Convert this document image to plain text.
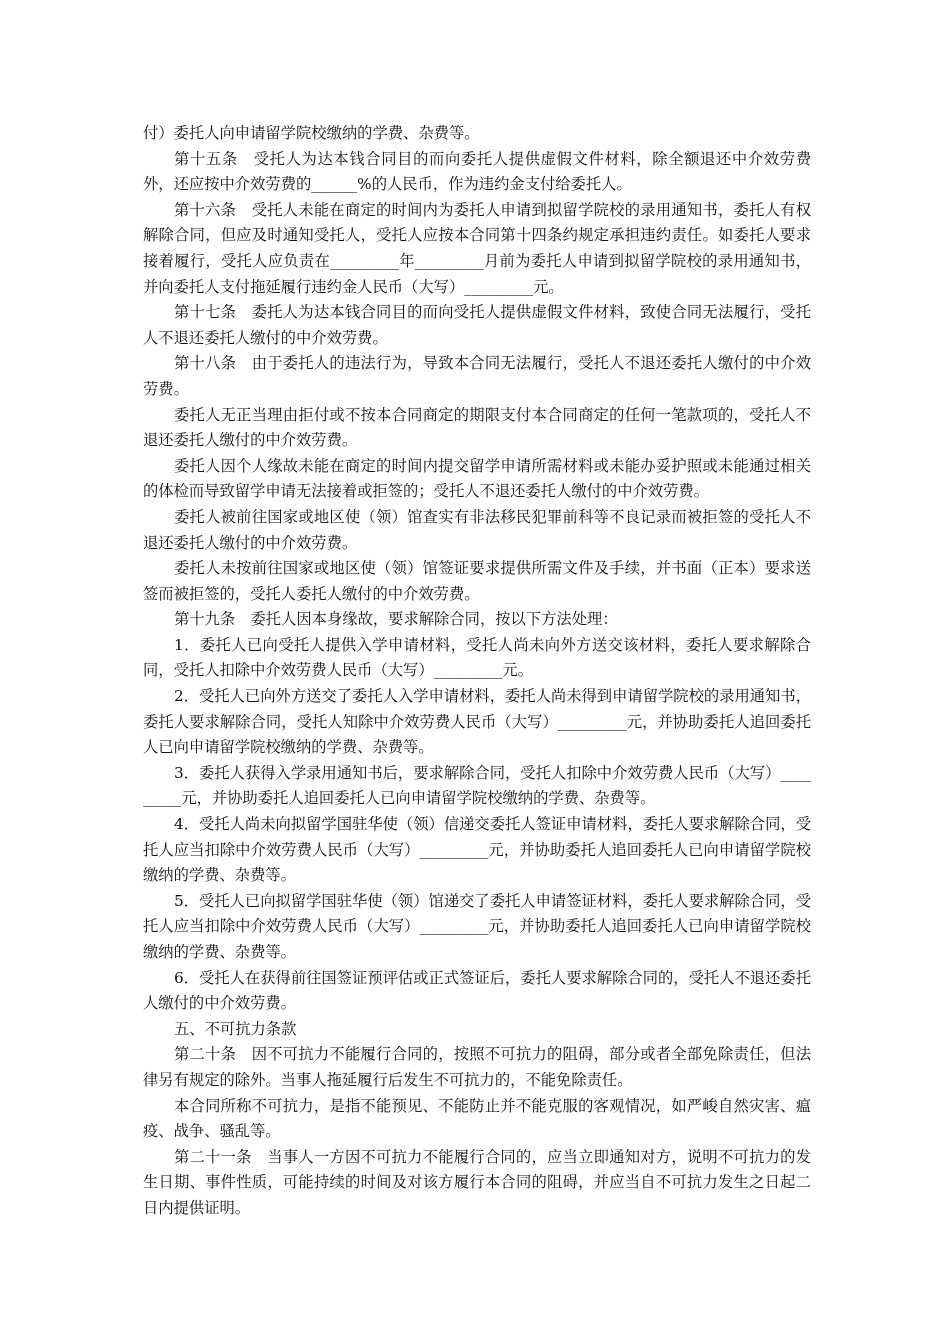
付）委托人向申请留学院校缴纳的学费、杂费等。

第十五条　受托人为达本钱合同目的而向委托人提供虚假文件材料，除全额退还中介效劳费外，还应按中介效劳费的______%的人民币，作为违约金支付给委托人。

第十六条　受托人未能在商定的时间内为委托人申请到拟留学院校的录用通知书，委托人有权解除合同，但应及时通知受托人，受托人应按本合同第十四条约规定承担违约责任。如委托人要求接着履行，受托人应负责在_________年_________月前为委托人申请到拟留学院校的录用通知书，并向委托人支付拖延履行违约金人民币（大写）_________元。

第十七条　委托人为达本钱合同目的而向受托人提供虚假文件材料，致使合同无法履行，受托人不退还委托人缴付的中介效劳费。

第十八条　由于委托人的违法行为，导致本合同无法履行，受托人不退还委托人缴付的中介效劳费。

委托人无正当理由拒付或不按本合同商定的期限支付本合同商定的任何一笔款项的，受托人不退还委托人缴付的中介效劳费。

委托人因个人缘故未能在商定的时间内提交留学申请所需材料或未能办妥护照或未能通过相关的体检而导致留学申请无法接着或拒签的；受托人不退还委托人缴付的中介效劳费。

委托人被前往国家或地区使（领）馆查实有非法移民犯罪前科等不良记录而被拒签的受托人不退还委托人缴付的中介效劳费。

委托人未按前往国家或地区使（领）馆签证要求提供所需文件及手续，并书面（正本）要求送签而被拒签的，受托人委托人缴付的中介效劳费。

第十九条　委托人因本身缘故，要求解除合同，按以下方法处理：

1．委托人已向受托人提供入学申请材料，受托人尚未向外方送交该材料，委托人要求解除合同，受托人扣除中介效劳费人民币（大写）_________元。

2．受托人已向外方送交了委托人入学申请材料，委托人尚未得到申请留学院校的录用通知书，委托人要求解除合同，受托人知除中介效劳费人民币（大写）_________元，并协助委托人追回委托人已向申请留学院校缴纳的学费、杂费等。

3．委托人获得入学录用通知书后，要求解除合同，受托人扣除中介效劳费人民币（大写）_________元，并协助委托人追回委托人已向申请留学院校缴纳的学费、杂费等。

4．受托人尚未向拟留学国驻华使（领）信递交委托人签证申请材料，委托人要求解除合同，受托人应当扣除中介效劳费人民币（大写）_________元，并协助委托人追回委托人已向申请留学院校缴纳的学费、杂费等。

5．受托人已向拟留学国驻华使（领）馆递交了委托人申请签证材料，委托人要求解除合同，受托人应当扣除中介效劳费人民币（大写）_________元，并协助委托人追回委托人已向申请留学院校缴纳的学费、杂费等。

6．受托人在获得前往国签证预评估或正式签证后，委托人要求解除合同的，受托人不退还委托人缴付的中介效劳费。

五、不可抗力条款

第二十条　因不可抗力不能履行合同的，按照不可抗力的阻碍，部分或者全部免除责任，但法律另有规定的除外。当事人拖延履行后发生不可抗力的，不能免除责任。

本合同所称不可抗力，是指不能预见、不能防止并不能克服的客观情况，如严峻自然灾害、瘟疫、战争、骚乱等。

第二十一条　当事人一方因不可抗力不能履行合同的，应当立即通知对方，说明不可抗力的发生日期、事件性质，可能持续的时间及对该方履行本合同的阻碍，并应当自不可抗力发生之日起二日内提供证明。
